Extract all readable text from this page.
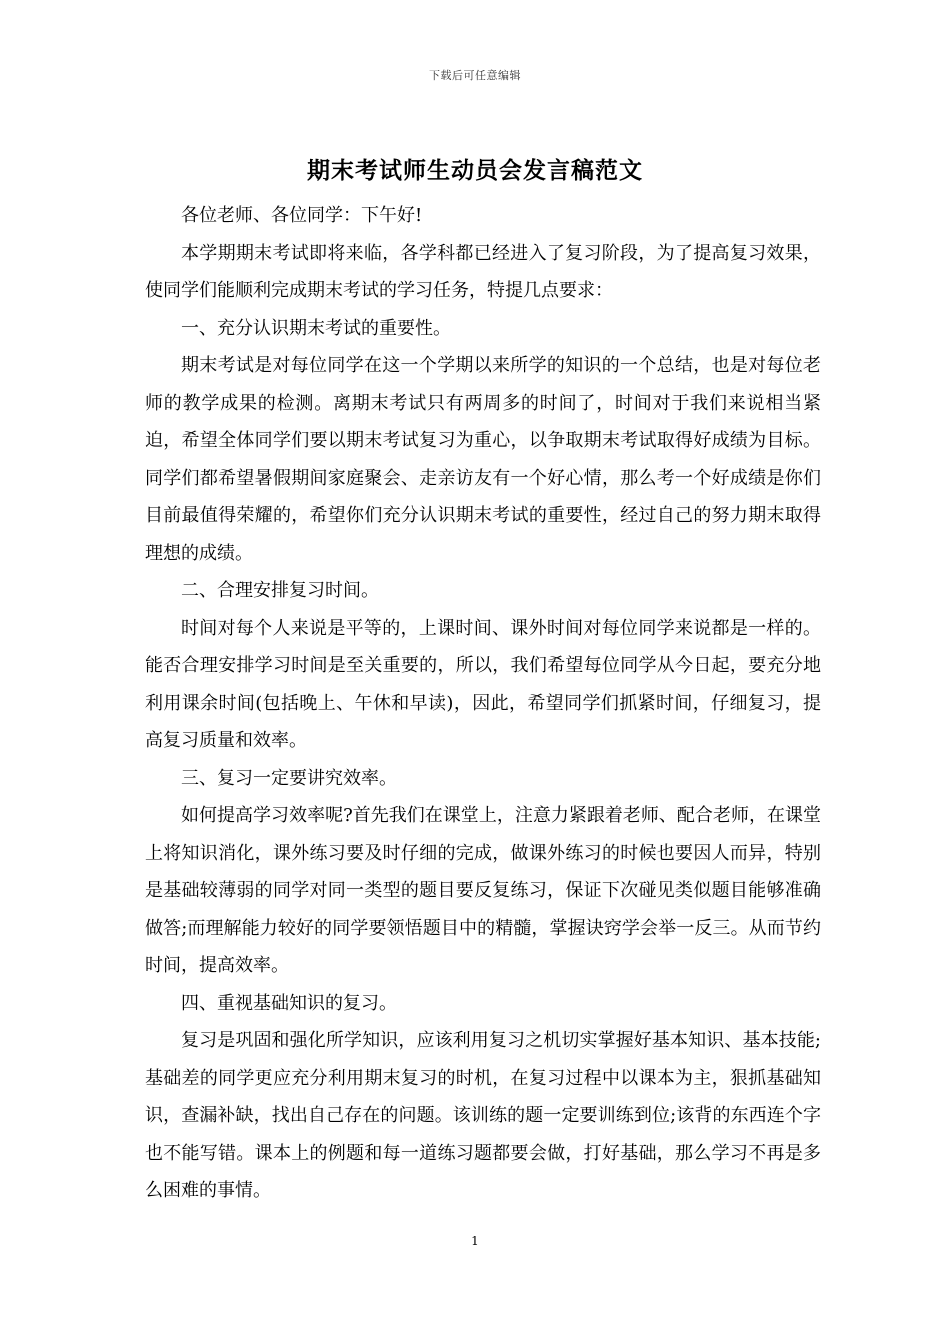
下载后可任意编辑
期末考试师生动员会发言稿范文

各位老师、各位同学：下午好!

本学期期末考试即将来临，各学科都已经进入了复习阶段，为了提高复习效果，使同学们能顺利完成期末考试的学习任务，特提几点要求：

一、充分认识期末考试的重要性。

期末考试是对每位同学在这一个学期以来所学的知识的一个总结，也是对每位老师的教学成果的检测。离期末考试只有两周多的时间了，时间对于我们来说相当紧迫，希望全体同学们要以期末考试复习为重心，以争取期末考试取得好成绩为目标。同学们都希望暑假期间家庭聚会、走亲访友有一个好心情，那么考一个好成绩是你们目前最值得荣耀的，希望你们充分认识期末考试的重要性，经过自己的努力期末取得理想的成绩。

二、合理安排复习时间。

时间对每个人来说是平等的，上课时间、课外时间对每位同学来说都是一样的。能否合理安排学习时间是至关重要的，所以，我们希望每位同学从今日起，要充分地利用课余时间(包括晚上、午休和早读)，因此，希望同学们抓紧时间，仔细复习，提高复习质量和效率。

三、复习一定要讲究效率。

如何提高学习效率呢?首先我们在课堂上，注意力紧跟着老师、配合老师，在课堂上将知识消化，课外练习要及时仔细的完成，做课外练习的时候也要因人而异，特别是基础较薄弱的同学对同一类型的题目要反复练习，保证下次碰见类似题目能够准确做答;而理解能力较好的同学要领悟题目中的精髓，掌握诀窍学会举一反三。从而节约时间，提高效率。

四、重视基础知识的复习。

复习是巩固和强化所学知识，应该利用复习之机切实掌握好基本知识、基本技能;基础差的同学更应充分利用期末复习的时机，在复习过程中以课本为主，狠抓基础知识，查漏补缺，找出自己存在的问题。该训练的题一定要训练到位;该背的东西连个字也不能写错。课本上的例题和每一道练习题都要会做，打好基础，那么学习不再是多么困难的事情。

1
